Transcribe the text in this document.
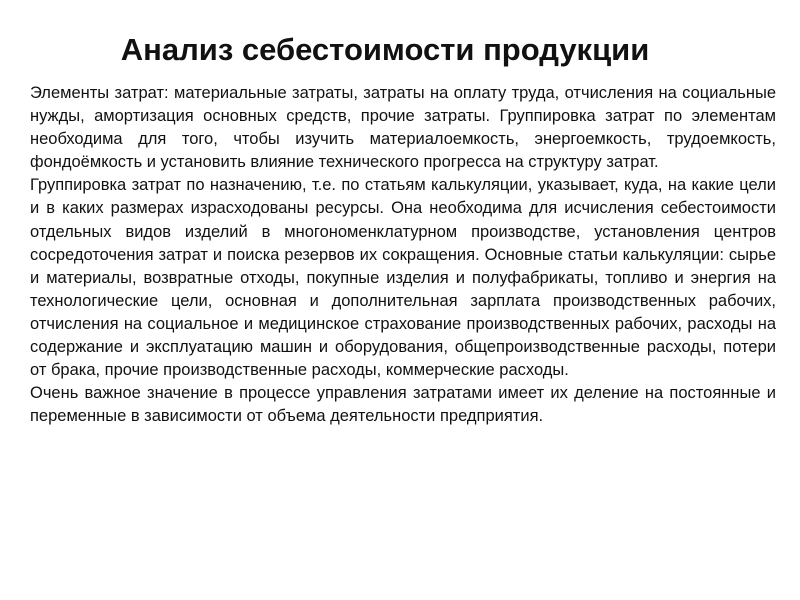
Анализ себестоимости продукции

Элементы затрат: материальные затраты, затраты на оплату труда, отчисления на социальные нужды, амортизация основных средств, прочие затраты. Группировка затрат по элементам необходима для того, чтобы изучить материалоемкость, энергоемкость, трудоемкость, фондоёмкость и установить влияние технического прогресса на структуру затрат.

Группировка затрат по назначению, т.е. по статьям калькуляции, указывает, куда, на какие цели и в каких размерах израсходованы ресурсы. Она необходима для исчисления себестоимости отдельных видов изделий в многономенклатурном производстве, установления центров сосредоточения затрат и поиска резервов их сокращения. Основные статьи калькуляции: сырье и материалы, возвратные отходы, покупные изделия и полуфабрикаты, топливо и энергия на технологические цели, основная и дополнительная зарплата производственных рабочих, отчисления на социальное и медицинское страхование производственных рабочих, расходы на содержание и эксплуатацию машин и оборудования, общепроизводственные расходы, потери от брака, прочие производственные расходы, коммерческие расходы.

Очень важное значение в процессе управления затратами имеет их деление на постоянные и переменные в зависимости от объема деятельности предприятия.
